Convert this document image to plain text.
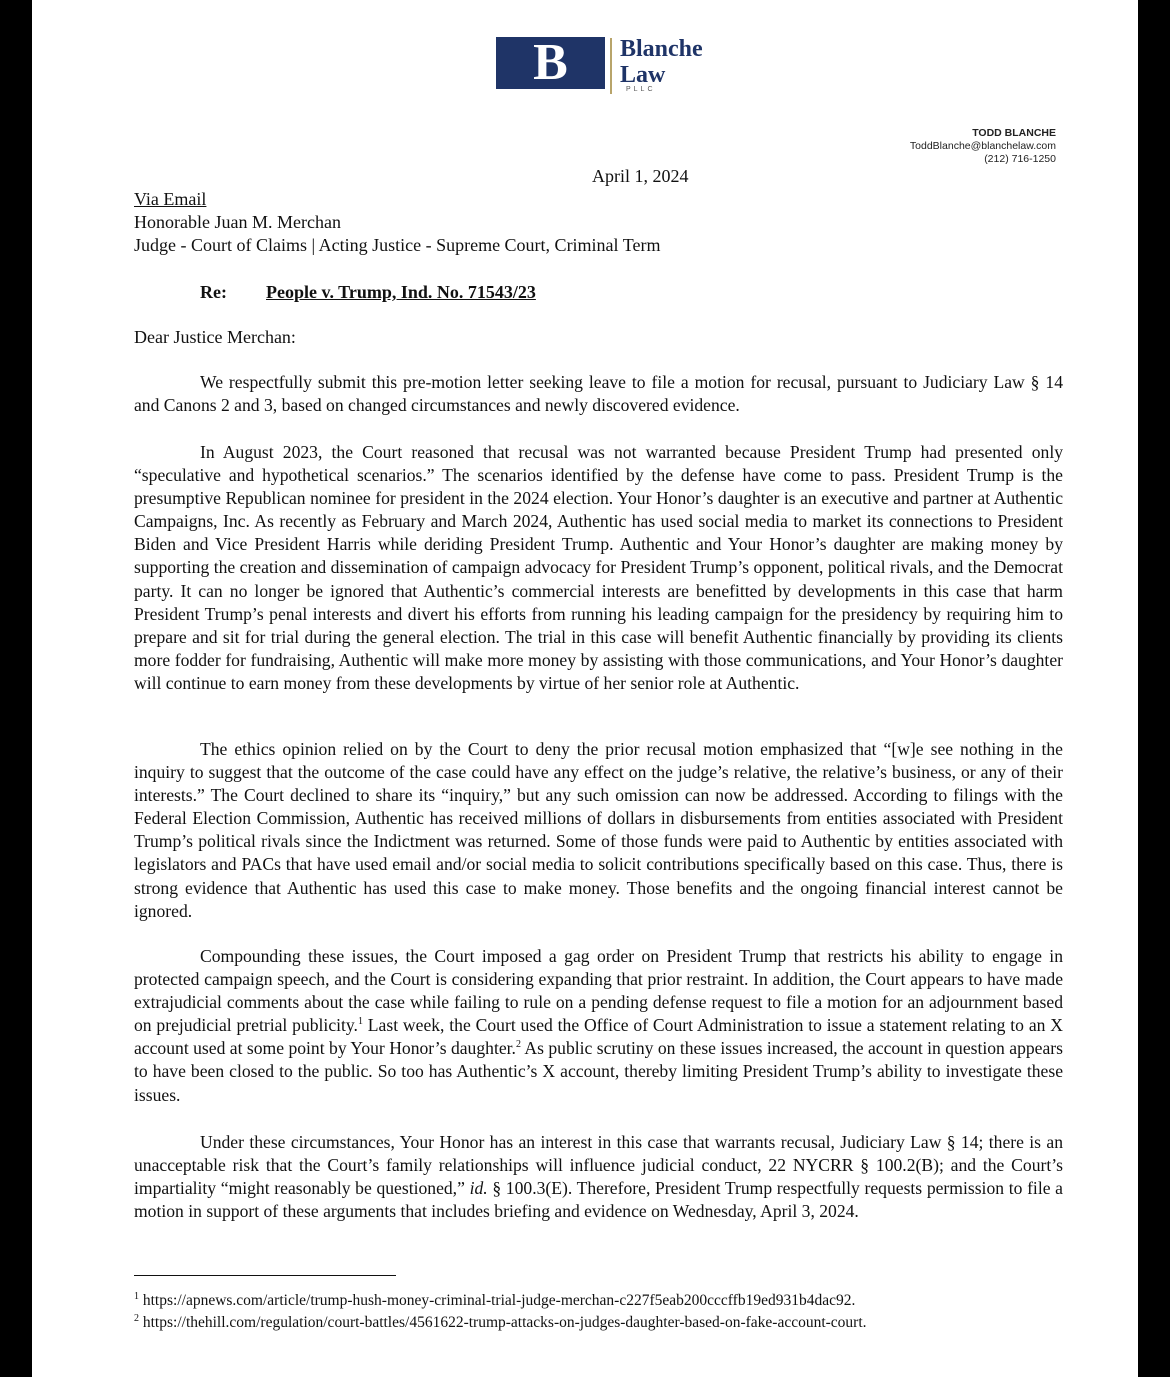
B	Blanche
Law
PLLC
TODD BLANCHE
ToddBlanche@blanchelaw.com
(212) 716-1250
April 1, 2024
Via Email
Honorable Juan M. Merchan
Judge - Court of Claims | Acting Justice - Supreme Court, Criminal Term
Re: People v. Trump, Ind. No. 71543/23
Dear Justice Merchan:
We respectfully submit this pre-motion letter seeking leave to file a motion for recusal, pursuant to Judiciary Law § 14 and Canons 2 and 3, based on changed circumstances and newly discovered evidence.
In August 2023, the Court reasoned that recusal was not warranted because President Trump had presented only “speculative and hypothetical scenarios.” The scenarios identified by the defense have come to pass. President Trump is the presumptive Republican nominee for president in the 2024 election. Your Honor’s daughter is an executive and partner at Authentic Campaigns, Inc. As recently as February and March 2024, Authentic has used social media to market its connections to President Biden and Vice President Harris while deriding President Trump. Authentic and Your Honor’s daughter are making money by supporting the creation and dissemination of campaign advocacy for President Trump’s opponent, political rivals, and the Democrat party. It can no longer be ignored that Authentic’s commercial interests are benefitted by developments in this case that harm President Trump’s penal interests and divert his efforts from running his leading campaign for the presidency by requiring him to prepare and sit for trial during the general election. The trial in this case will benefit Authentic financially by providing its clients more fodder for fundraising, Authentic will make more money by assisting with those communications, and Your Honor’s daughter will continue to earn money from these developments by virtue of her senior role at Authentic.
The ethics opinion relied on by the Court to deny the prior recusal motion emphasized that “[w]e see nothing in the inquiry to suggest that the outcome of the case could have any effect on the judge’s relative, the relative’s business, or any of their interests.” The Court declined to share its “inquiry,” but any such omission can now be addressed. According to filings with the Federal Election Commission, Authentic has received millions of dollars in disbursements from entities associated with President Trump’s political rivals since the Indictment was returned. Some of those funds were paid to Authentic by entities associated with legislators and PACs that have used email and/or social media to solicit contributions specifically based on this case. Thus, there is strong evidence that Authentic has used this case to make money. Those benefits and the ongoing financial interest cannot be ignored.
Compounding these issues, the Court imposed a gag order on President Trump that restricts his ability to engage in protected campaign speech, and the Court is considering expanding that prior restraint. In addition, the Court appears to have made extrajudicial comments about the case while failing to rule on a pending defense request to file a motion for an adjournment based on prejudicial pretrial publicity.$^1$ Last week, the Court used the Office of Court Administration to issue a statement relating to an X account used at some point by Your Honor’s daughter.$^2$ As public scrutiny on these issues increased, the account in question appears to have been closed to the public. So too has Authentic’s X account, thereby limiting President Trump’s ability to investigate these issues.
Under these circumstances, Your Honor has an interest in this case that warrants recusal, Judiciary Law § 14; there is an unacceptable risk that the Court’s family relationships will influence judicial conduct, 22 NYCRR § 100.2(B); and the Court’s impartiality “might reasonably be questioned,” id. § 100.3(E). Therefore, President Trump respectfully requests permission to file a motion in support of these arguments that includes briefing and evidence on Wednesday, April 3, 2024.
$^1$ https://apnews.com/article/trump-hush-money-criminal-trial-judge-merchan-c227f5eab200cccffb19ed931b4dac92.
$^2$ https://thehill.com/regulation/court-battles/4561622-trump-attacks-on-judges-daughter-based-on-fake-account-court.
